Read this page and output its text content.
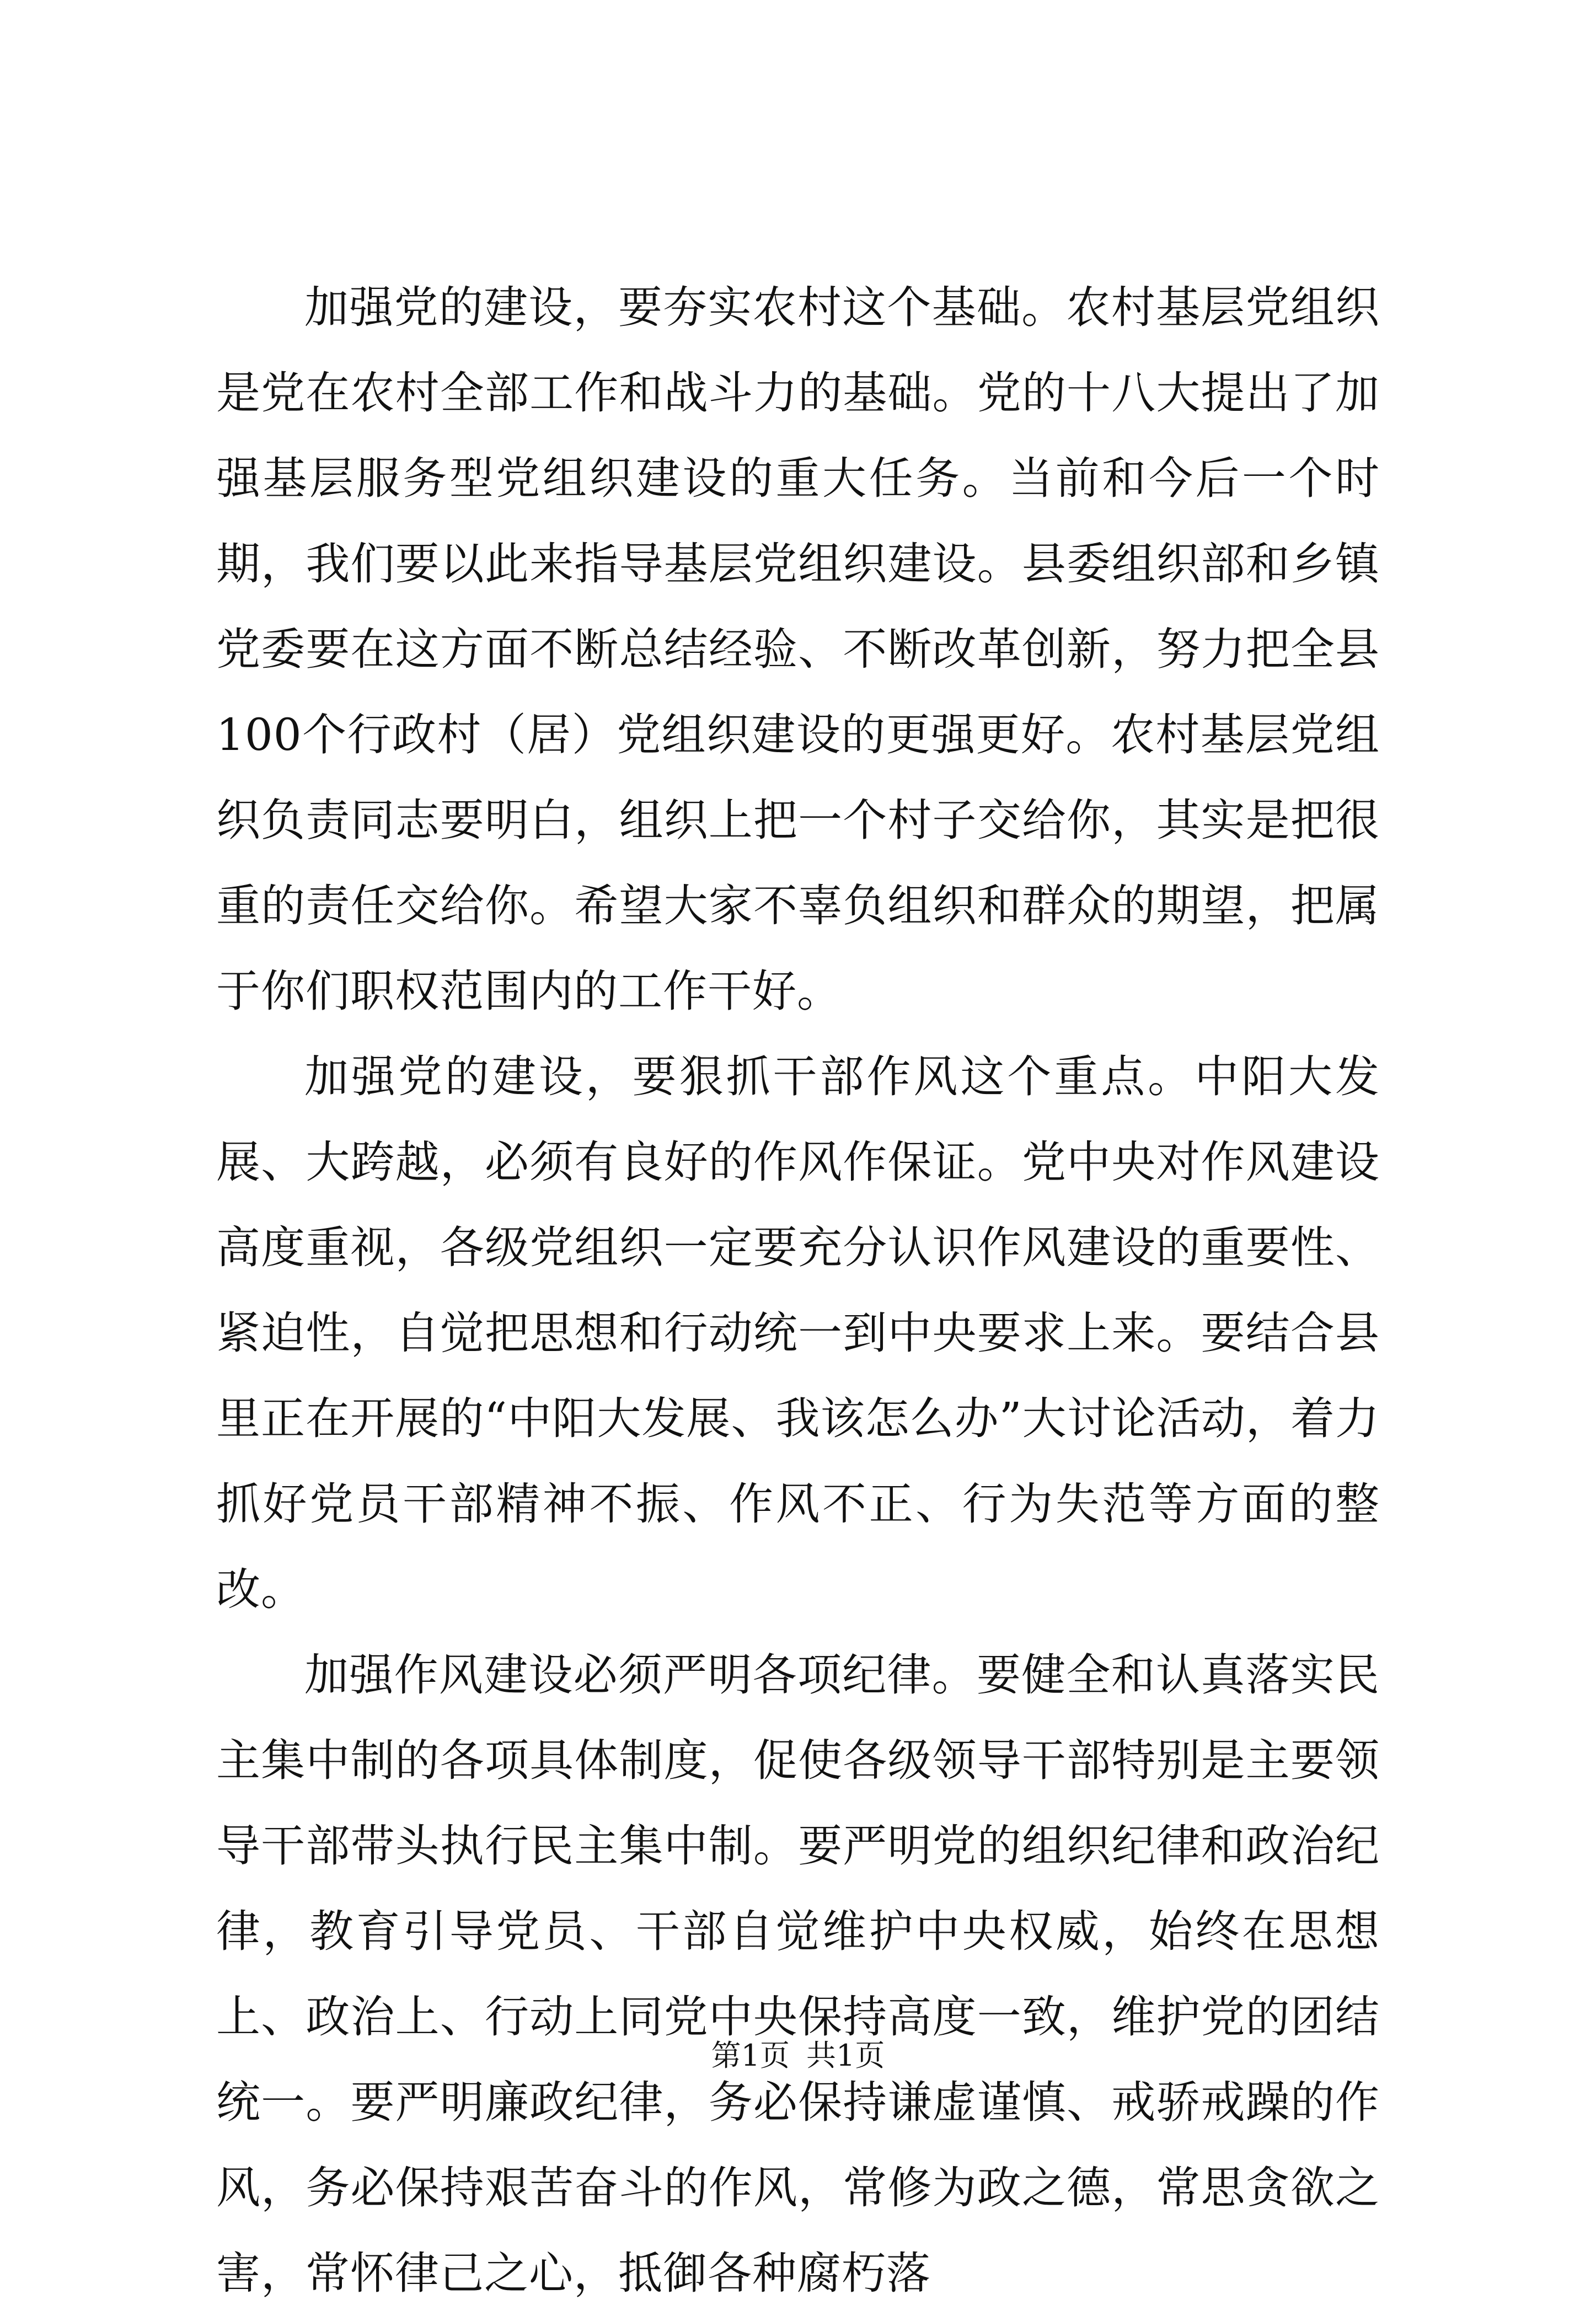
加强党的建设，要夯实农村这个基础。农村基层党组织是党在农村全部工作和战斗力的基础。党的十八大提出了加强基层服务型党组织建设的重大任务。当前和今后一个时期，我们要以此来指导基层党组织建设。县委组织部和乡镇党委要在这方面不断总结经验、不断改革创新，努力把全县100个行政村（居）党组织建设的更强更好。农村基层党组织负责同志要明白，组织上把一个村子交给你，其实是把很重的责任交给你。希望大家不辜负组织和群众的期望，把属于你们职权范围内的工作干好。

加强党的建设，要狠抓干部作风这个重点。中阳大发展、大跨越，必须有良好的作风作保证。党中央对作风建设高度重视，各级党组织一定要充分认识作风建设的重要性、紧迫性，自觉把思想和行动统一到中央要求上来。要结合县里正在开展的“中阳大发展、我该怎么办”大讨论活动，着力抓好党员干部精神不振、作风不正、行为失范等方面的整改。

加强作风建设必须严明各项纪律。要健全和认真落实民主集中制的各项具体制度，促使各级领导干部特别是主要领导干部带头执行民主集中制。要严明党的组织纪律和政治纪律，教育引导党员、干部自觉维护中央权威，始终在思想上、政治上、行动上同党中央保持高度一致，维护党的团结统一。要严明廉政纪律，务必保持谦虚谨慎、戒骄戒躁的作风，务必保持艰苦奋斗的作风，常修为政之德，常思贪欲之害，常怀律己之心，抵御各种腐朽落

第1页 共1页
